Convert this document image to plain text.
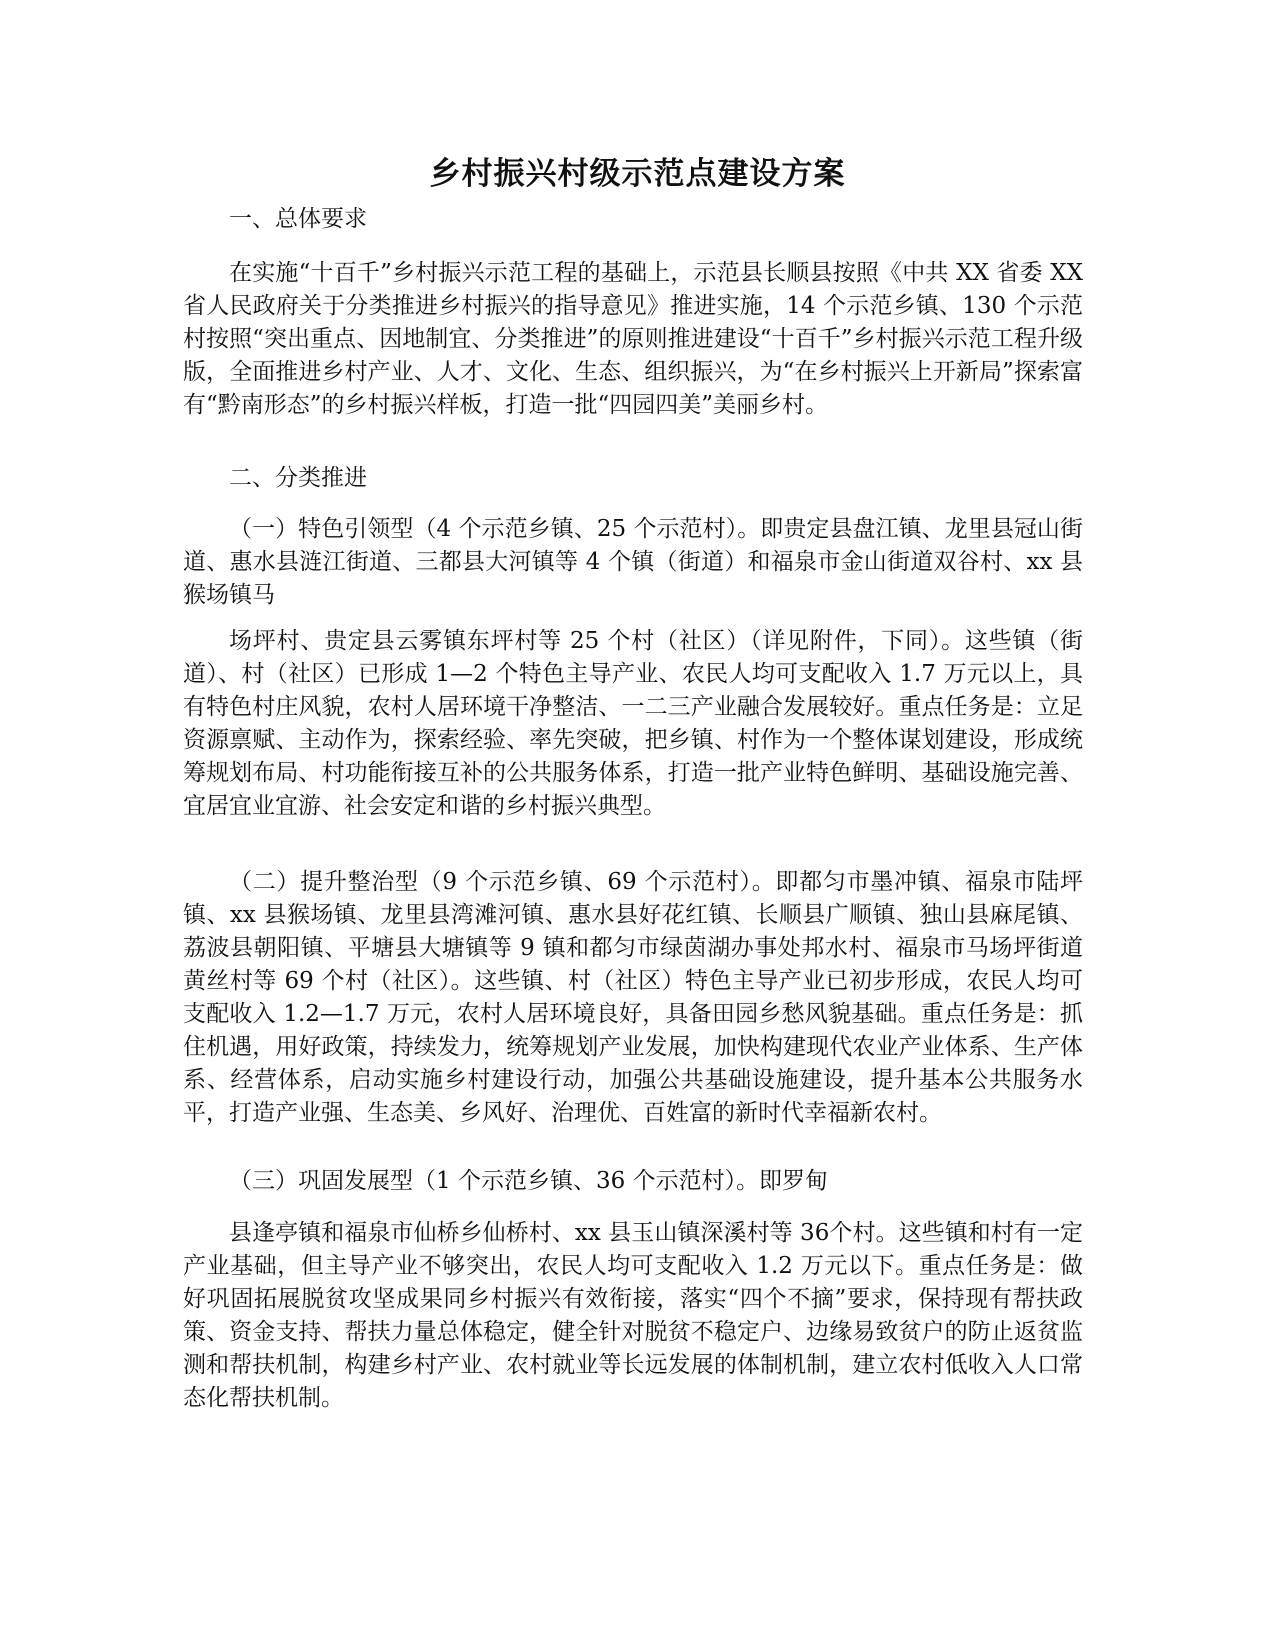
乡村振兴村级示范点建设方案

一、总体要求

在实施“十百千”乡村振兴示范工程的基础上，示范县长顺县按照《中共 XX 省委 XX 省人民政府关于分类推进乡村振兴的指导意见》推进实施，14 个示范乡镇、130 个示范村按照“突出重点、因地制宜、分类推进”的原则推进建设“十百千”乡村振兴示范工程升级版，全面推进乡村产业、人才、文化、生态、组织振兴，为“在乡村振兴上开新局”探索富有“黔南形态”的乡村振兴样板，打造一批“四园四美”美丽乡村。

二、分类推进

（一）特色引领型（4 个示范乡镇、25 个示范村）。即贵定县盘江镇、龙里县冠山街道、惠水县涟江街道、三都县大河镇等 4 个镇（街道）和福泉市金山街道双谷村、xx 县猴场镇马

场坪村、贵定县云雾镇东坪村等 25 个村（社区）（详见附件，下同）。这些镇（街道）、村（社区）已形成 1—2 个特色主导产业、农民人均可支配收入 1.7 万元以上，具有特色村庄风貌，农村人居环境干净整洁、一二三产业融合发展较好。重点任务是：立足资源禀赋、主动作为，探索经验、率先突破，把乡镇、村作为一个整体谋划建设，形成统筹规划布局、村功能衔接互补的公共服务体系，打造一批产业特色鲜明、基础设施完善、宜居宜业宜游、社会安定和谐的乡村振兴典型。

（二）提升整治型（9 个示范乡镇、69 个示范村）。即都匀市墨冲镇、福泉市陆坪镇、xx 县猴场镇、龙里县湾滩河镇、惠水县好花红镇、长顺县广顺镇、独山县麻尾镇、荔波县朝阳镇、平塘县大塘镇等 9 镇和都匀市绿茵湖办事处邦水村、福泉市马场坪街道黄丝村等 69 个村（社区）。这些镇、村（社区）特色主导产业已初步形成，农民人均可支配收入 1.2—1.7 万元，农村人居环境良好，具备田园乡愁风貌基础。重点任务是：抓住机遇，用好政策，持续发力，统筹规划产业发展，加快构建现代农业产业体系、生产体系、经营体系，启动实施乡村建设行动，加强公共基础设施建设，提升基本公共服务水平，打造产业强、生态美、乡风好、治理优、百姓富的新时代幸福新农村。

（三）巩固发展型（1 个示范乡镇、36 个示范村）。即罗甸

县逢亭镇和福泉市仙桥乡仙桥村、xx 县玉山镇深溪村等 36个村。这些镇和村有一定产业基础，但主导产业不够突出，农民人均可支配收入 1.2 万元以下。重点任务是：做好巩固拓展脱贫攻坚成果同乡村振兴有效衔接，落实“四个不摘”要求，保持现有帮扶政策、资金支持、帮扶力量总体稳定，健全针对脱贫不稳定户、边缘易致贫户的防止返贫监测和帮扶机制，构建乡村产业、农村就业等长远发展的体制机制，建立农村低收入人口常态化帮扶机制。
